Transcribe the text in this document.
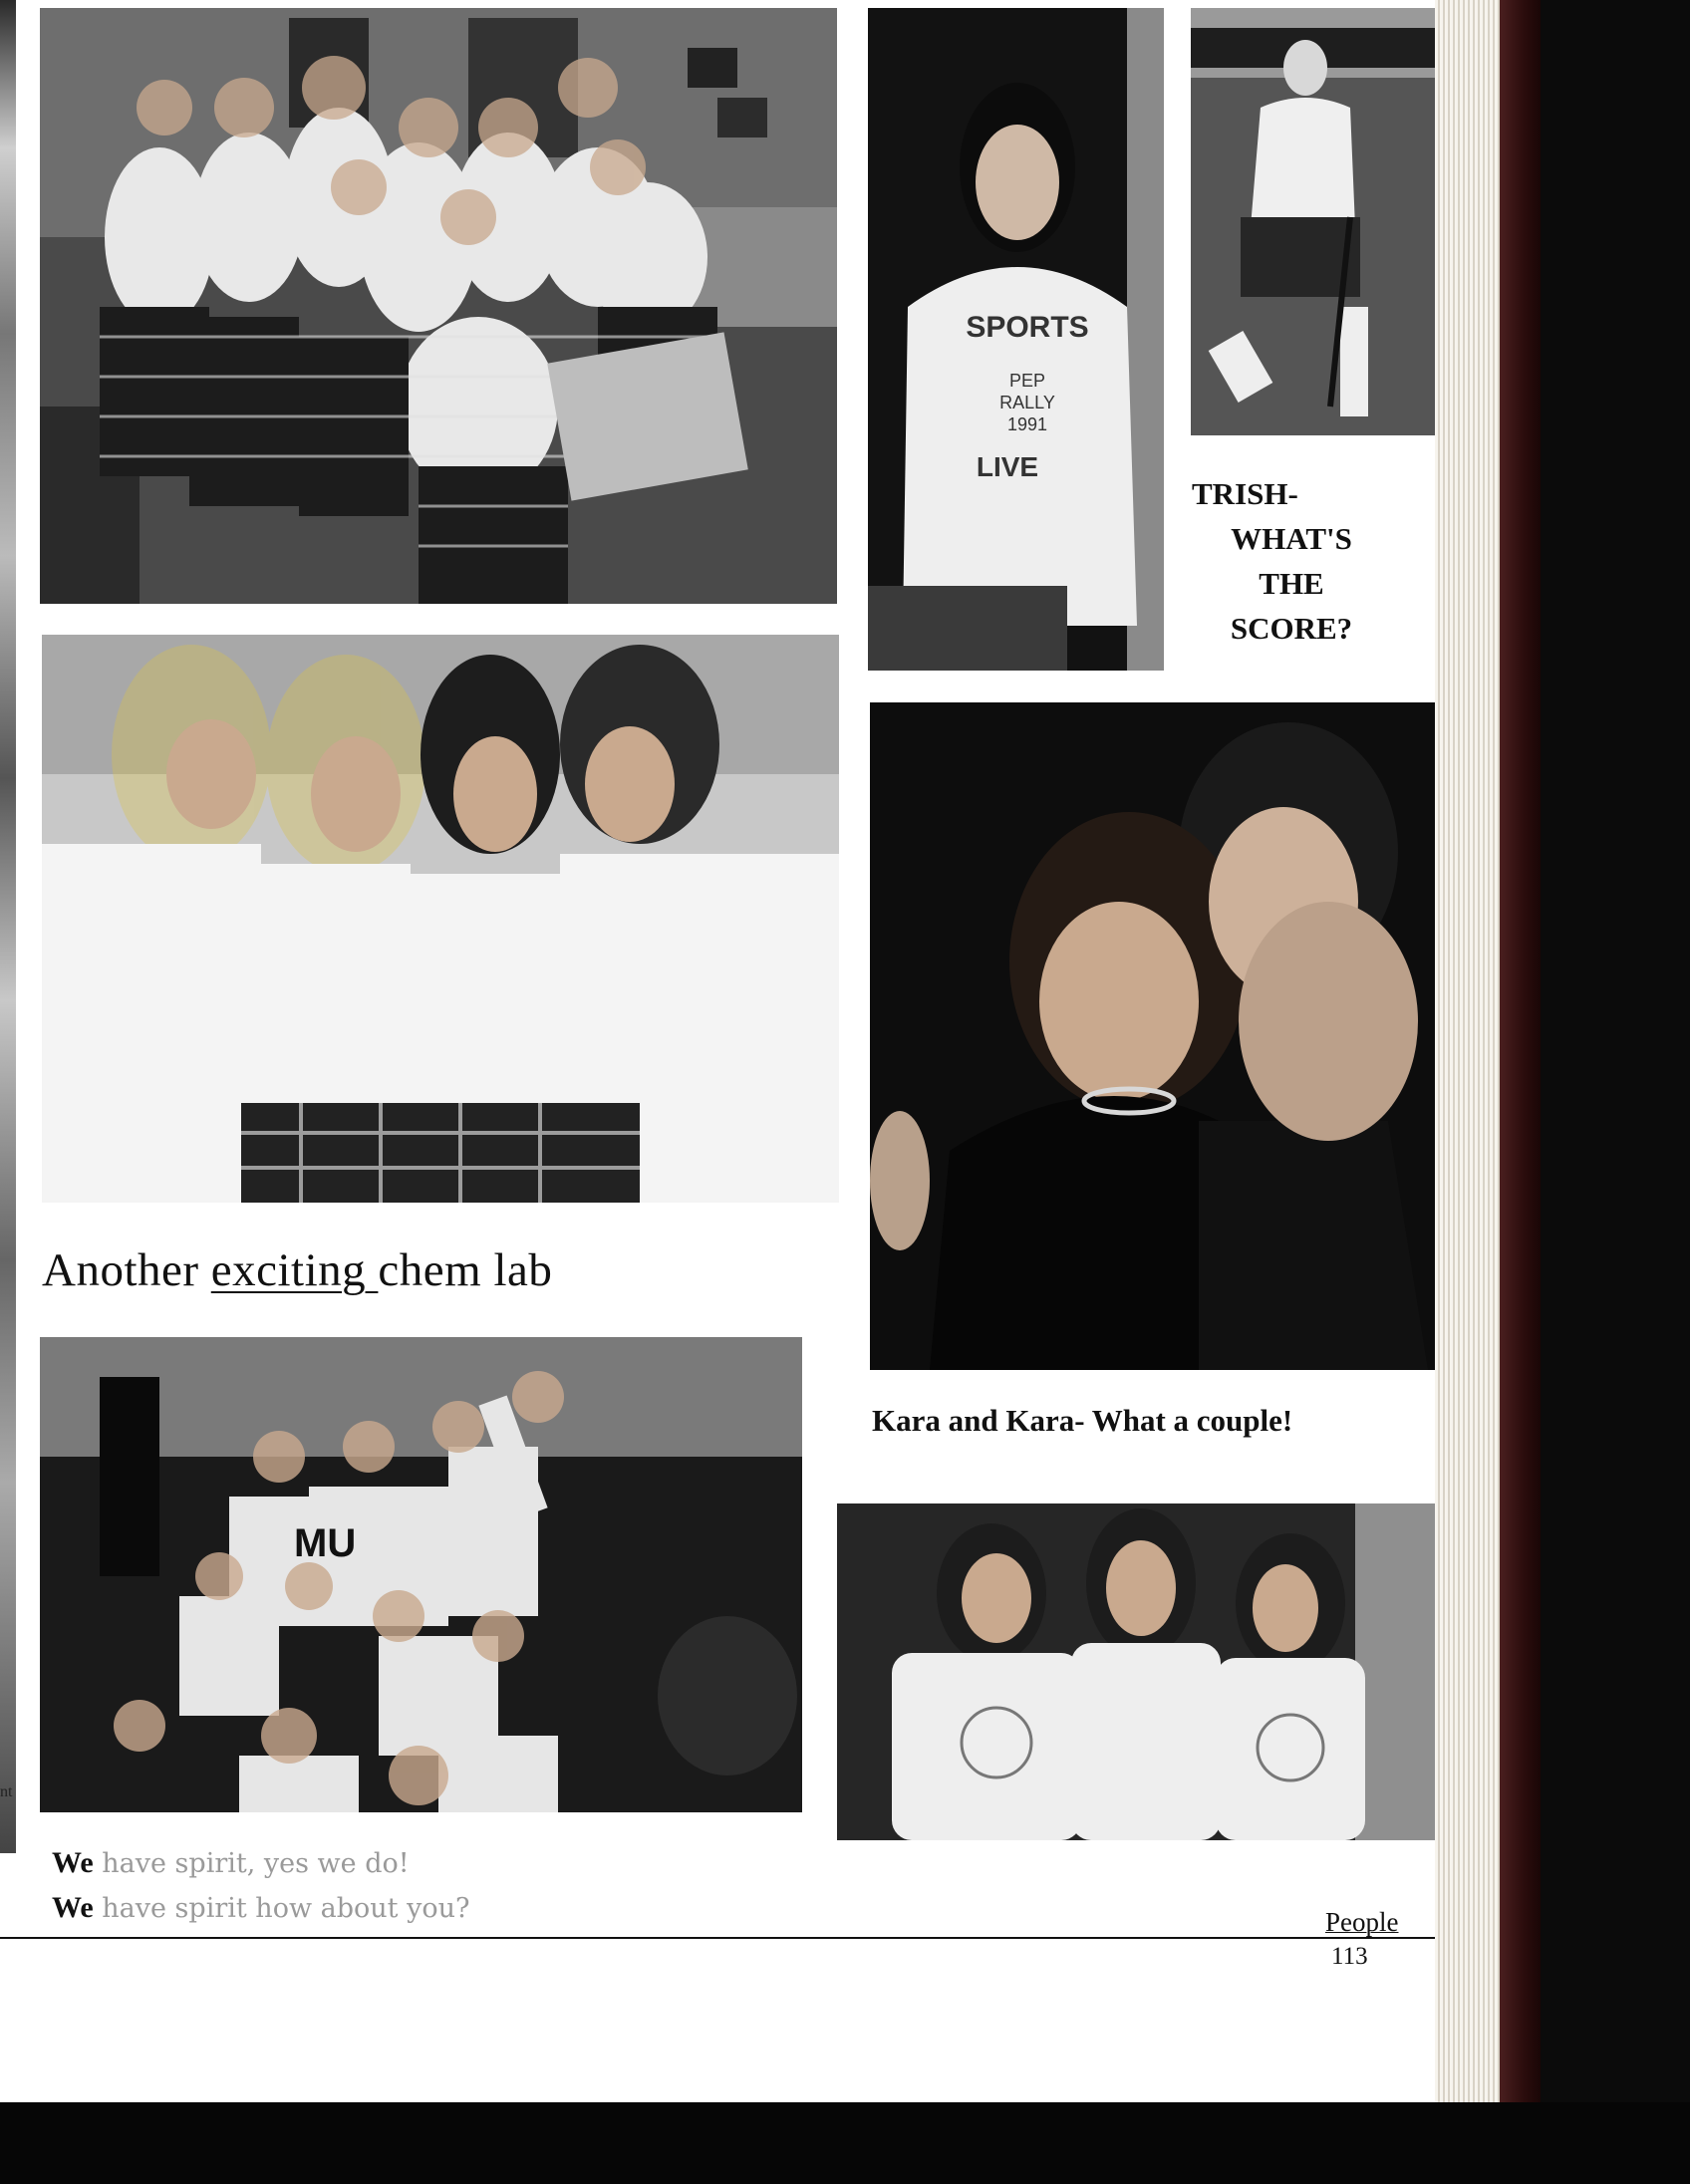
nt
SPORTS
PEP
RALLY
1991
LIVE
MU
Another exciting chem lab
TRISH-
WHAT'S
THE
SCORE?

Kara and Kara- What a couple!

We have spirit, yes we do!
We have spirit how about you?	People
113
